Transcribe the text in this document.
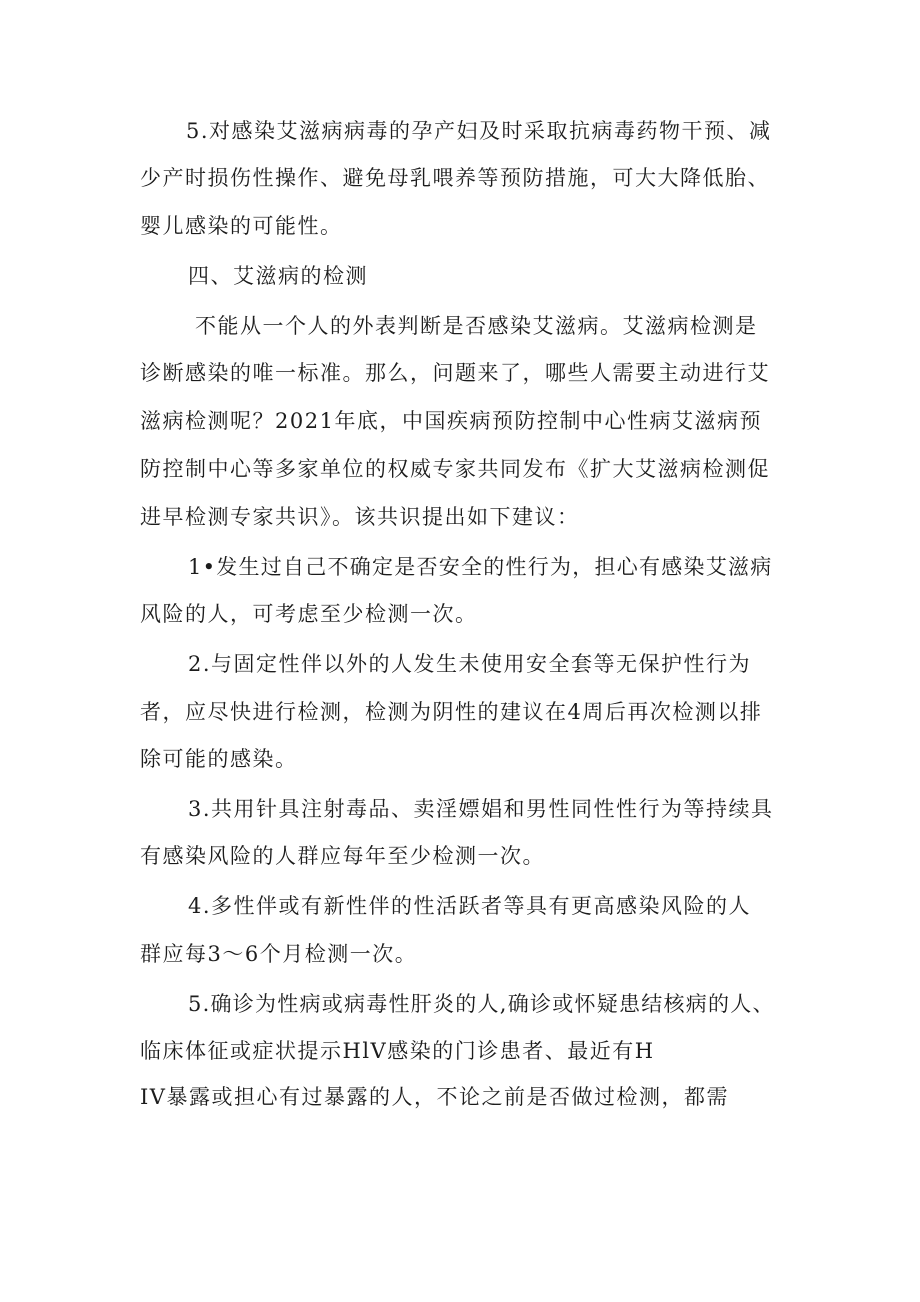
5.对感染艾滋病病毒的孕产妇及时采取抗病毒药物干预、减
少产时损伤性操作、避免母乳喂养等预防措施，可大大降低胎、
婴儿感染的可能性。
四、艾滋病的检测
不能从一个人的外表判断是否感染艾滋病。艾滋病检测是
诊断感染的唯一标准。那么，问题来了，哪些人需要主动进行艾
滋病检测呢？2021年底，中国疾病预防控制中心性病艾滋病预
防控制中心等多家单位的权威专家共同发布《扩大艾滋病检测促
进早检测专家共识》。该共识提出如下建议：
1•发生过自己不确定是否安全的性行为，担心有感染艾滋病
风险的人，可考虑至少检测一次。
2.与固定性伴以外的人发生未使用安全套等无保护性行为
者，应尽快进行检测，检测为阴性的建议在4周后再次检测以排
除可能的感染。
3.共用针具注射毒品、卖淫嫖娼和男性同性性行为等持续具
有感染风险的人群应每年至少检测一次。
4.多性伴或有新性伴的性活跃者等具有更高感染风险的人
群应每3～6个月检测一次。
5.确诊为性病或病毒性肝炎的人,确诊或怀疑患结核病的人、
临床体征或症状提示HlV感染的门诊患者、最近有H
IV暴露或担心有过暴露的人，不论之前是否做过检测，都需
